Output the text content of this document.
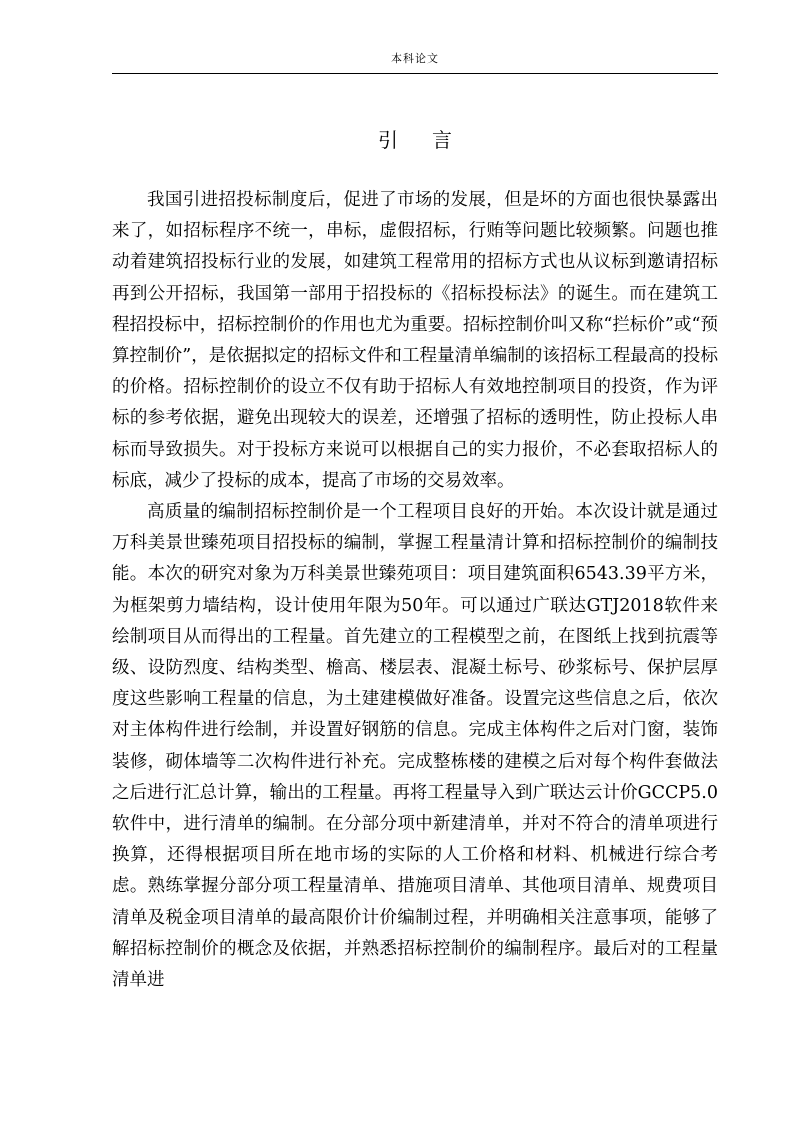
本科论文
引言

我国引进招投标制度后，促进了市场的发展，但是坏的方面也很快暴露出来了，如招标程序不统一，串标，虚假招标，行贿等问题比较频繁。问题也推动着建筑招投标行业的发展，如建筑工程常用的招标方式也从议标到邀请招标再到公开招标，我国第一部用于招投标的《招标投标法》的诞生。而在建筑工程招投标中，招标控制价的作用也尤为重要。招标控制价叫又称“拦标价”或“预算控制价”，是依据拟定的招标文件和工程量清单编制的该招标工程最高的投标的价格。招标控制价的设立不仅有助于招标人有效地控制项目的投资，作为评标的参考依据，避免出现较大的误差，还增强了招标的透明性，防止投标人串标而导致损失。对于投标方来说可以根据自己的实力报价，不必套取招标人的标底，减少了投标的成本，提高了市场的交易效率。

高质量的编制招标控制价是一个工程项目良好的开始。本次设计就是通过万科美景世臻苑项目招投标的编制，掌握工程量清计算和招标控制价的编制技能。本次的研究对象为万科美景世臻苑项目：项目建筑面积6543.39平方米，为框架剪力墙结构，设计使用年限为50年。可以通过广联达GTJ2018软件来绘制项目从而得出的工程量。首先建立的工程模型之前，在图纸上找到抗震等级、设防烈度、结构类型、檐高、楼层表、混凝土标号、砂浆标号、保护层厚度这些影响工程量的信息，为土建建模做好准备。设置完这些信息之后，依次对主体构件进行绘制，并设置好钢筋的信息。完成主体构件之后对门窗，装饰装修，砌体墙等二次构件进行补充。完成整栋楼的建模之后对每个构件套做法之后进行汇总计算，输出的工程量。再将工程量导入到广联达云计价GCCP5.0软件中，进行清单的编制。在分部分项中新建清单，并对不符合的清单项进行换算，还得根据项目所在地市场的实际的人工价格和材料、机械进行综合考虑。熟练掌握分部分项工程量清单、措施项目清单、其他项目清单、规费项目清单及税金项目清单的最高限价计价编制过程，并明确相关注意事项，能够了解招标控制价的概念及依据，并熟悉招标控制价的编制程序。最后对的工程量清单进
